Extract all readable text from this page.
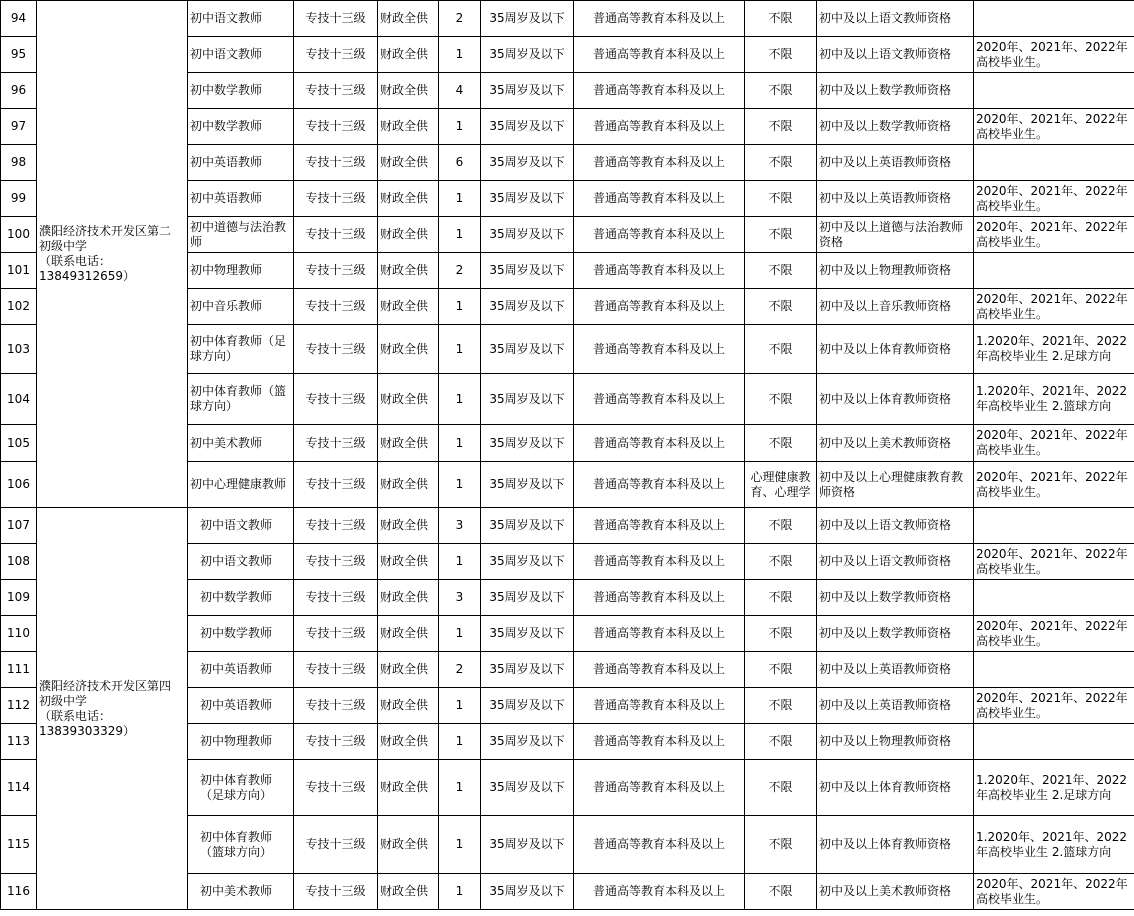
94	濮阳经济技术开发区第二
初级中学
（联系电话：
13849312659）	初中语文教师	专技十三级	财政全供	2	35周岁及以下	普通高等教育本科及以上	不限	初中及以上语文教师资格	
95		初中语文教师	专技十三级	财政全供	1	35周岁及以下	普通高等教育本科及以上	不限	初中及以上语文教师资格	2020年、2021年、2022年高校毕业生。
96		初中数学教师	专技十三级	财政全供	4	35周岁及以下	普通高等教育本科及以上	不限	初中及以上数学教师资格	
97		初中数学教师	专技十三级	财政全供	1	35周岁及以下	普通高等教育本科及以上	不限	初中及以上数学教师资格	2020年、2021年、2022年高校毕业生。
98		初中英语教师	专技十三级	财政全供	6	35周岁及以下	普通高等教育本科及以上	不限	初中及以上英语教师资格	
99		初中英语教师	专技十三级	财政全供	1	35周岁及以下	普通高等教育本科及以上	不限	初中及以上英语教师资格	2020年、2021年、2022年高校毕业生。
100		初中道德与法治教师	专技十三级	财政全供	1	35周岁及以下	普通高等教育本科及以上	不限	初中及以上道德与法治教师资格	2020年、2021年、2022年高校毕业生。
101		初中物理教师	专技十三级	财政全供	2	35周岁及以下	普通高等教育本科及以上	不限	初中及以上物理教师资格	
102		初中音乐教师	专技十三级	财政全供	1	35周岁及以下	普通高等教育本科及以上	不限	初中及以上音乐教师资格	2020年、2021年、2022年高校毕业生。
103		初中体育教师（足球方向）	专技十三级	财政全供	1	35周岁及以下	普通高等教育本科及以上	不限	初中及以上体育教师资格	1.2020年、2021年、2022年高校毕业生 2.足球方向
104		初中体育教师（篮球方向）	专技十三级	财政全供	1	35周岁及以下	普通高等教育本科及以上	不限	初中及以上体育教师资格	1.2020年、2021年、2022年高校毕业生 2.篮球方向
105		初中美术教师	专技十三级	财政全供	1	35周岁及以下	普通高等教育本科及以上	不限	初中及以上美术教师资格	2020年、2021年、2022年高校毕业生。
106		初中心理健康教师	专技十三级	财政全供	1	35周岁及以下	普通高等教育本科及以上	心理健康教育、心理学	初中及以上心理健康教育教师资格	2020年、2021年、2022年高校毕业生。
107	濮阳经济技术开发区第四
初级中学
（联系电话：
13839303329）	初中语文教师	专技十三级	财政全供	3	35周岁及以下	普通高等教育本科及以上	不限	初中及以上语文教师资格	
108		初中语文教师	专技十三级	财政全供	1	35周岁及以下	普通高等教育本科及以上	不限	初中及以上语文教师资格	2020年、2021年、2022年高校毕业生。
109		初中数学教师	专技十三级	财政全供	3	35周岁及以下	普通高等教育本科及以上	不限	初中及以上数学教师资格	
110		初中数学教师	专技十三级	财政全供	1	35周岁及以下	普通高等教育本科及以上	不限	初中及以上数学教师资格	2020年、2021年、2022年高校毕业生。
111		初中英语教师	专技十三级	财政全供	2	35周岁及以下	普通高等教育本科及以上	不限	初中及以上英语教师资格	
112		初中英语教师	专技十三级	财政全供	1	35周岁及以下	普通高等教育本科及以上	不限	初中及以上英语教师资格	2020年、2021年、2022年高校毕业生。
113		初中物理教师	专技十三级	财政全供	1	35周岁及以下	普通高等教育本科及以上	不限	初中及以上物理教师资格	
114		初中体育教师（足球方向）	专技十三级	财政全供	1	35周岁及以下	普通高等教育本科及以上	不限	初中及以上体育教师资格	1.2020年、2021年、2022年高校毕业生 2.足球方向
115		初中体育教师（篮球方向）	专技十三级	财政全供	1	35周岁及以下	普通高等教育本科及以上	不限	初中及以上体育教师资格	1.2020年、2021年、2022年高校毕业生 2.篮球方向
116		初中美术教师	专技十三级	财政全供	1	35周岁及以下	普通高等教育本科及以上	不限	初中及以上美术教师资格	2020年、2021年、2022年高校毕业生。
